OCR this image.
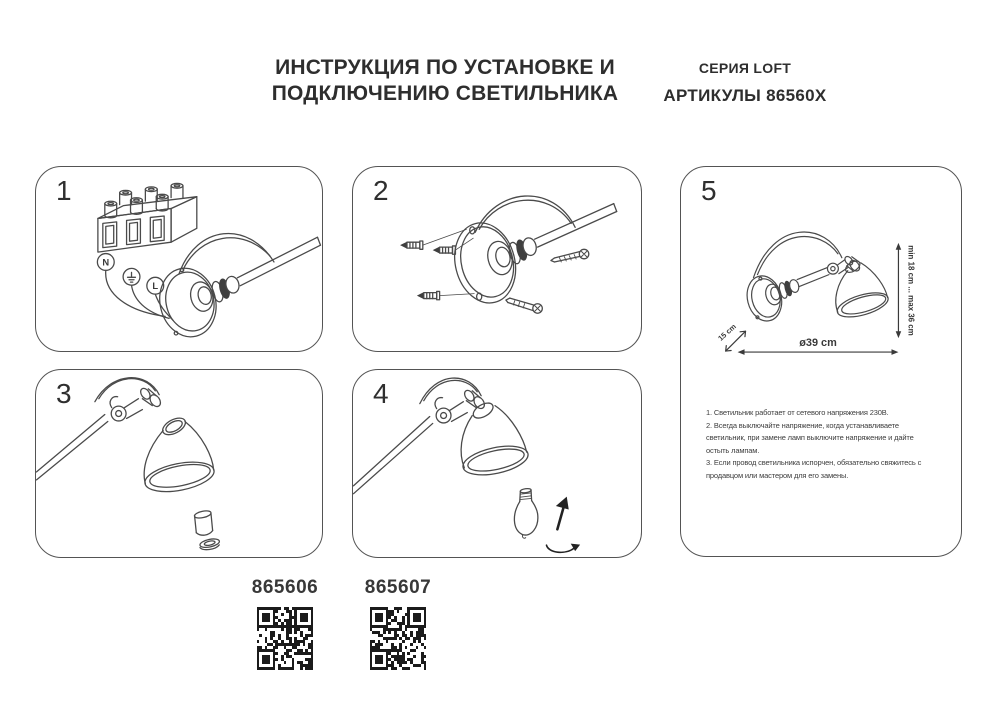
ИНСТРУКЦИЯ ПО УСТАНОВКЕ И
ПОДКЛЮЧЕНИЮ СВЕТИЛЬНИКА
СЕРИЯ LOFT
АРТИКУЛЫ 86560X
1
N
L
2
3	4
5
min 18 cm ... max 36 cm
ø39 cm
15 cm
1. Светильник работает от сетевого напряжения 230В.
2. Всегда выключайте напряжение, когда устанавливаете светильник, при замене ламп выключите напряжение и дайте остыть лампам.
3. Если провод светильника испорчен, обязательно свяжитесь с продавцом или мастером для его замены.
865606 865607
